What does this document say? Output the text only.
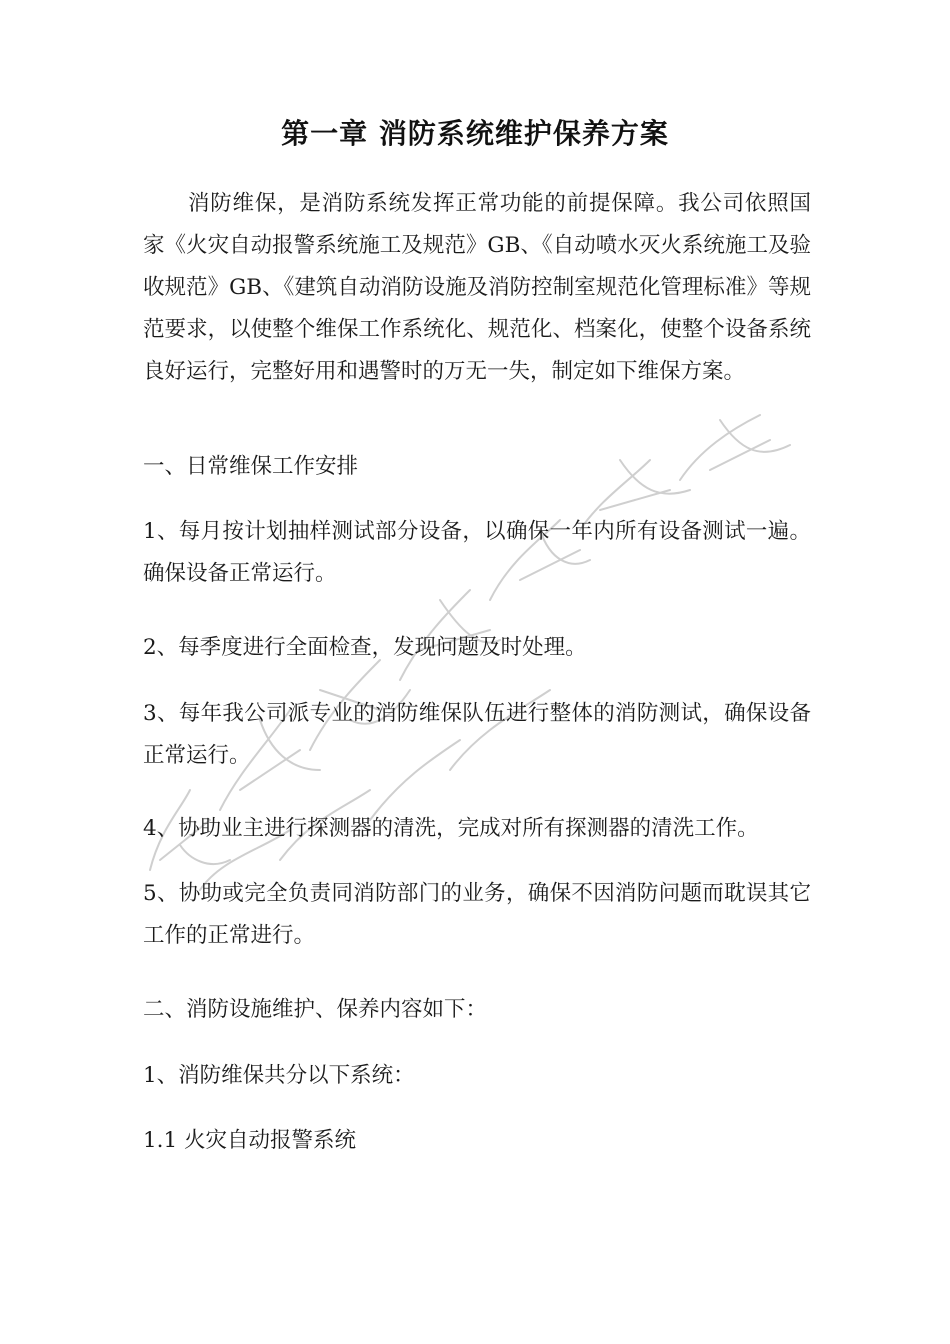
第一章 消防系统维护保养方案

消防维保，是消防系统发挥正常功能的前提保障。我公司依照国家《火灾自动报警系统施工及规范》GB、《自动喷水灭火系统施工及验收规范》GB、《建筑自动消防设施及消防控制室规范化管理标准》等规范要求，以使整个维保工作系统化、规范化、档案化，使整个设备系统良好运行，完整好用和遇警时的万无一失，制定如下维保方案。

一、日常维保工作安排

1、每月按计划抽样测试部分设备，以确保一年内所有设备测试一遍。确保设备正常运行。

2、每季度进行全面检查，发现问题及时处理。

3、每年我公司派专业的消防维保队伍进行整体的消防测试，确保设备正常运行。

4、协助业主进行探测器的清洗，完成对所有探测器的清洗工作。

5、协助或完全负责同消防部门的业务，确保不因消防问题而耽误其它工作的正常进行。

二、消防设施维护、保养内容如下：

1、消防维保共分以下系统：

1.1 火灾自动报警系统
